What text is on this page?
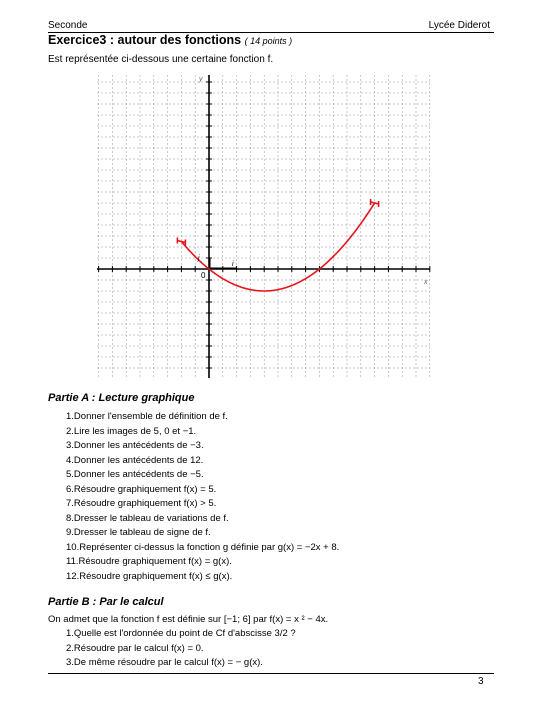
Seconde	Lycée Diderot
Exercice3 : autour des fonctions ( 14 points )
Est représentée ci-dessous une certaine fonction f.
0
i
j
x
y
Partie A : Lecture graphique
1.Donner l'ensemble de définition de f.
2.Lire les images de 5, 0 et −1.
3.Donner les antécédents de −3.
4.Donner les antécédents de 12.
5.Donner les antécédents de −5.
6.Résoudre graphiquement f(x) = 5.
7.Résoudre graphiquement f(x) > 5.
8.Dresser le tableau de variations de f.
9.Dresser le tableau de signe de f.
10.Représenter ci-dessus la fonction g définie par g(x) = −2x + 8.
11.Résoudre graphiquement f(x) = g(x).
12.Résoudre graphiquement f(x) ≤ g(x).
Partie B : Par le calcul
On admet que la fonction f est définie sur [−1; 6] par f(x) = x ² − 4x.
1.Quelle est l'ordonnée du point de Cf d'abscisse 3/2 ?
2.Résoudre par le calcul f(x) = 0.
3.De même résoudre par le calcul f(x) = − g(x).
3
